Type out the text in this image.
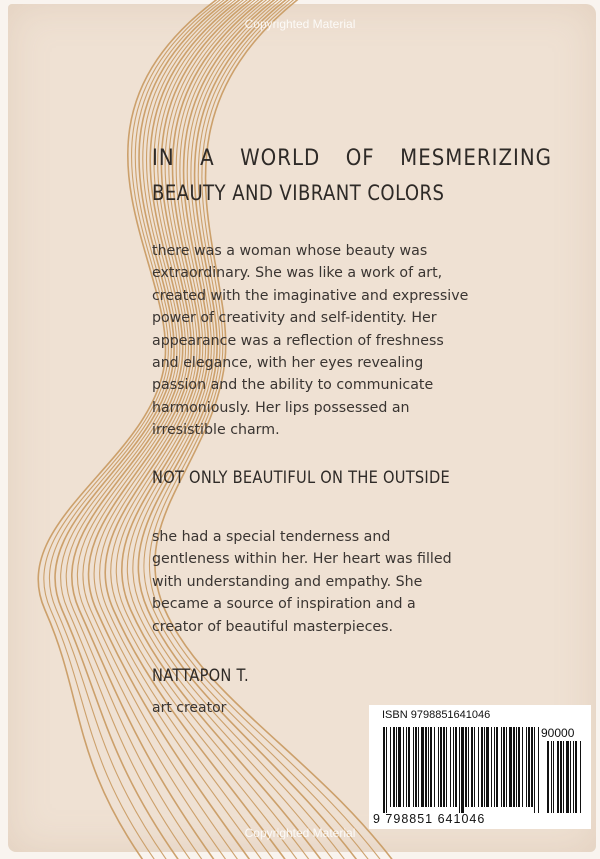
Copyrighted Material
IN A WORLD OF MESMERIZING
BEAUTY AND VIBRANT COLORS
there was a woman whose beauty was
extraordinary. She was like a work of art,
created with the imaginative and expressive
power of creativity and self-identity. Her
appearance was a reflection of freshness
and elegance, with her eyes revealing
passion and the ability to communicate
harmoniously. Her lips possessed an
irresistible charm.
NOT ONLY BEAUTIFUL ON THE OUTSIDE
she had a special tenderness and
gentleness within her. Her heart was filled
with understanding and empathy. She
became a source of inspiration and a
creator of beautiful masterpieces.
NATTAPON T.
art creator	ISBN 9798851641046
9 798851 641046
90000
Copyrighted Material
